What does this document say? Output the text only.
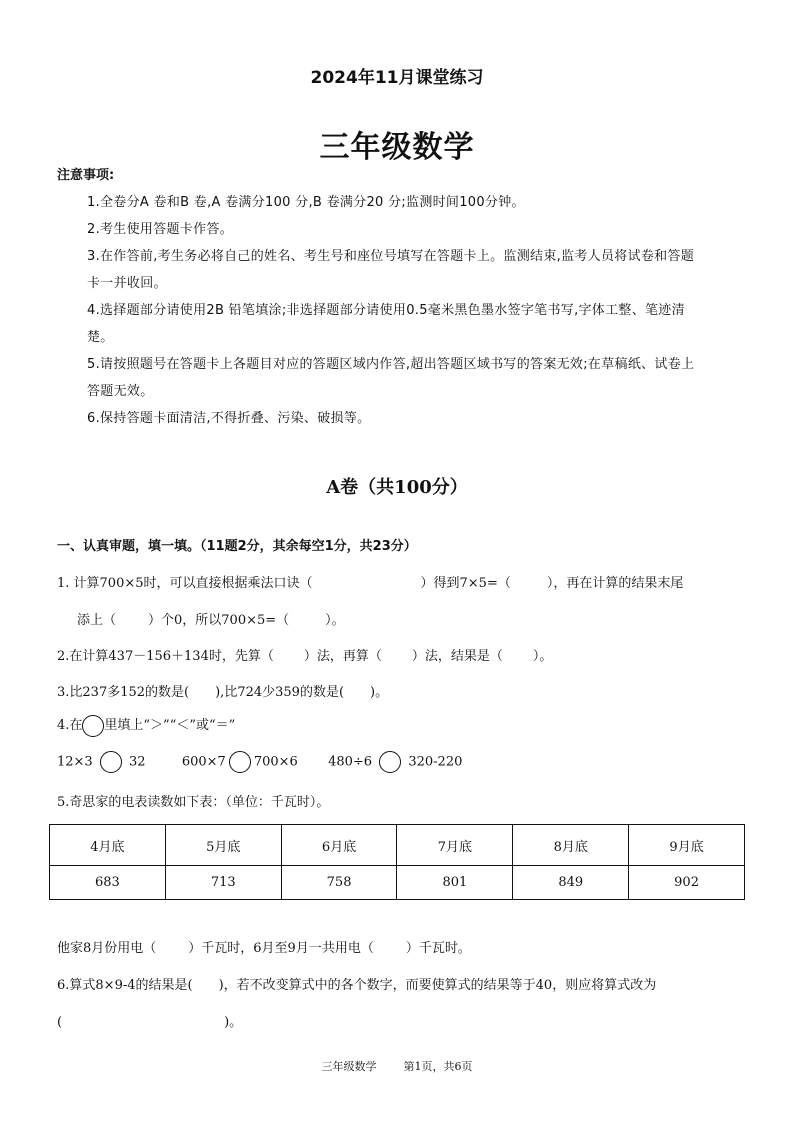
2024年11月课堂练习
三年级数学
注意事项:
1.全卷分A 卷和B 卷,A 卷满分100 分,B 卷满分20 分;监测时间100分钟。
2.考生使用答题卡作答。
3.在作答前,考生务必将自己的姓名、考生号和座位号填写在答题卡上。监测结束,监考人员将试卷和答题
卡一并收回。
4.选择题部分请使用2B 铅笔填涂;非选择题部分请使用0.5毫米黑色墨水签字笔书写,字体工整、笔迹清
楚。
5.请按照题号在答题卡上各题目对应的答题区域内作答,超出答题区域书写的答案无效;在草稿纸、试卷上
答题无效。
6.保持答题卡面清洁,不得折叠、污染、破损等。
A卷（共100分）
一、认真审题，填一填。（11题2分，其余每空1分，共23分）
1. 计算700×5时，可以直接根据乘法口诀（	）得到7×5=（	），再在计算的结果末尾
添上（ ）个0，所以700×5=（	）。
2.在计算437－156＋134时，先算（ ）法，再算（ ）法，结果是（ ）。
3.比237多152的数是( ),比724少359的数是( )。
4.在 里填上“＞”“＜”或“＝”
12×3	32	600×7 700×6 480÷6	320-220
5.奇思家的电表读数如下表：（单位：千瓦时）。
4月底	5月底	6月底	7月底	8月底	9月底
683	713	758	801	849	902
他家8月份用电（ ）千瓦时，6月至9月一共用电（ ）千瓦时。
6.算式8×9-4的结果是( )，若不改变算式中的各个数字，而要使算式的结果等于40，则应将算式改为
(	)。
三年级数学 第1页，共6页
